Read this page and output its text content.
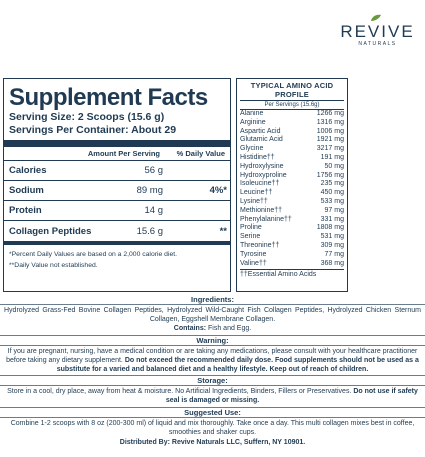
REVIVE
NATURALS
Supplement Facts
Serving Size: 2 Scoops (15.6 g)
Servings Per Container: About 29
Amount Per Serving	% Daily Value
Calories	56 g
Sodium	89 mg	4%*
Protein	14 g
Collagen Peptides	15.6 g	**
*Percent Daily Values are based on a 2,000 calorie diet.
**Daily Value not established.
TYPICAL AMINO ACID PROFILE
Per Servings (15.6g)
Alanine	1266 mg
Arginine	1316 mg
Aspartic Acid	1006 mg
Glutamic Acid	1921 mg
Glycine	3217 mg
Histidine††	191 mg
Hydroxylysine	50 mg
Hydroxyproline	1756 mg
Isoleucine††	235 mg
Leucine††	450 mg
Lysine††	533 mg
Methionine††	97 mg
Phenylalanine††	331 mg
Proline	1808 mg
Serine	531 mg
Threonine††	309 mg
Tyrosine	77 mg
Valine††	368 mg
††Essential Amino Acids
Ingredients:
Hydrolyzed Grass-Fed Bovine Collagen Peptides, Hydrolyzed Wild-Caught Fish Collagen Peptides, Hydrolyzed Chicken Sternum Collagen, Eggshell Membrane Collagen.
Contains: Fish and Egg.
Warning:
If you are pregnant, nursing, have a medical condition or are taking any medications, please consult with your healthcare practitioner before taking any dietary supplement. Do not exceed the recommended daily dose. Food supplements should not be used as a substitute for a varied and balanced diet and a healthy lifestyle. Keep out of reach of children.
Storage:
Store in a cool, dry place, away from heat & moisture. No Artificial Ingredients, Binders, Fillers or Preservatives. Do not use if safety seal is damaged or missing.
Suggested Use:
Combine 1-2 scoops with 8 oz (200-300 ml) of liquid and mix thoroughly. Take once a day. This multi collagen mixes best in coffee, smoothies and shaker cups.
Distributed By: Revive Naturals LLC, Suffern, NY 10901.
